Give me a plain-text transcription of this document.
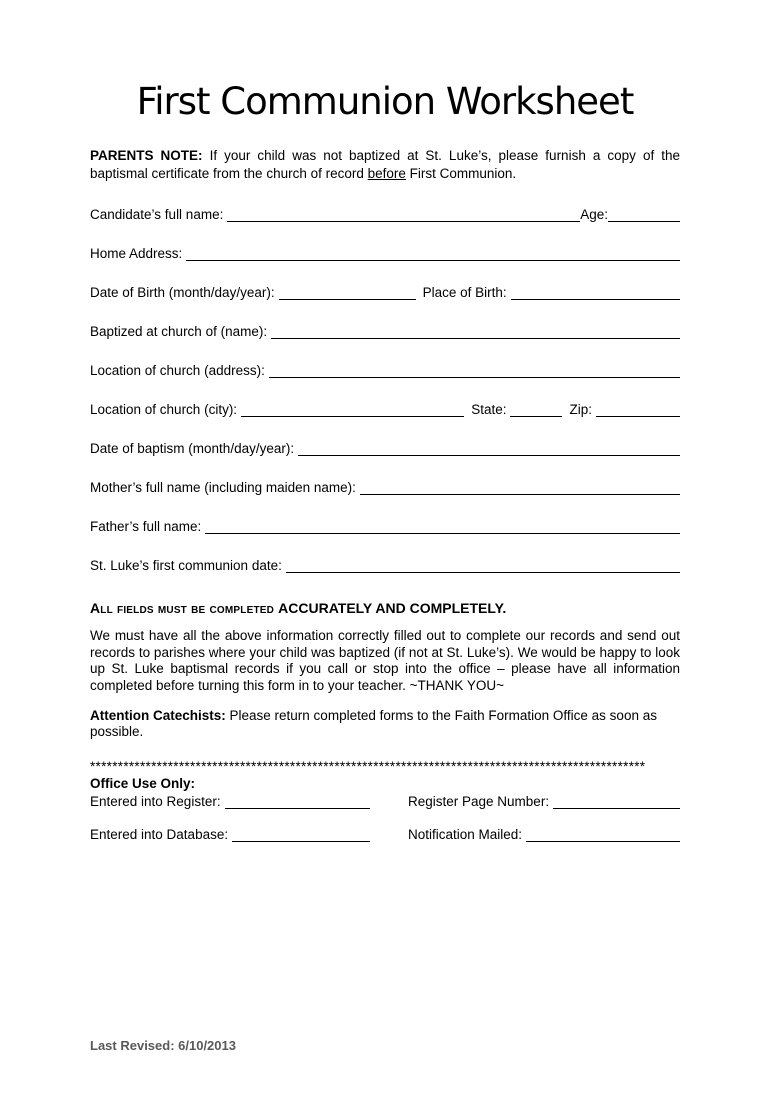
First Communion Worksheet

PARENTS NOTE: If your child was not baptized at St. Luke’s, please furnish a copy of the baptismal certificate from the church of record before First Communion.

Candidate’s full name:	Age:
Home Address:
Date of Birth (month/day/year):	Place of Birth:
Baptized at church of (name):
Location of church (address):
Location of church (city):	State:	Zip:
Date of baptism (month/day/year):
Mother’s full name (including maiden name):
Father’s full name:
St. Luke’s first communion date:
All fields must be completed ACCURATELY AND COMPLETELY.

We must have all the above information correctly filled out to complete our records and send out records to parishes where your child was baptized (if not at St. Luke’s). We would be happy to look up St. Luke baptismal records if you call or stop into the office – please have all information completed before turning this form in to your teacher. ~THANK YOU~

Attention Catechists: Please return completed forms to the Faith Formation Office as soon as possible.

****************************************************************************************************
Office Use Only:
Entered into Register:	Register Page Number:
Entered into Database:	Notification Mailed:
Last Revised: 6/10/2013
